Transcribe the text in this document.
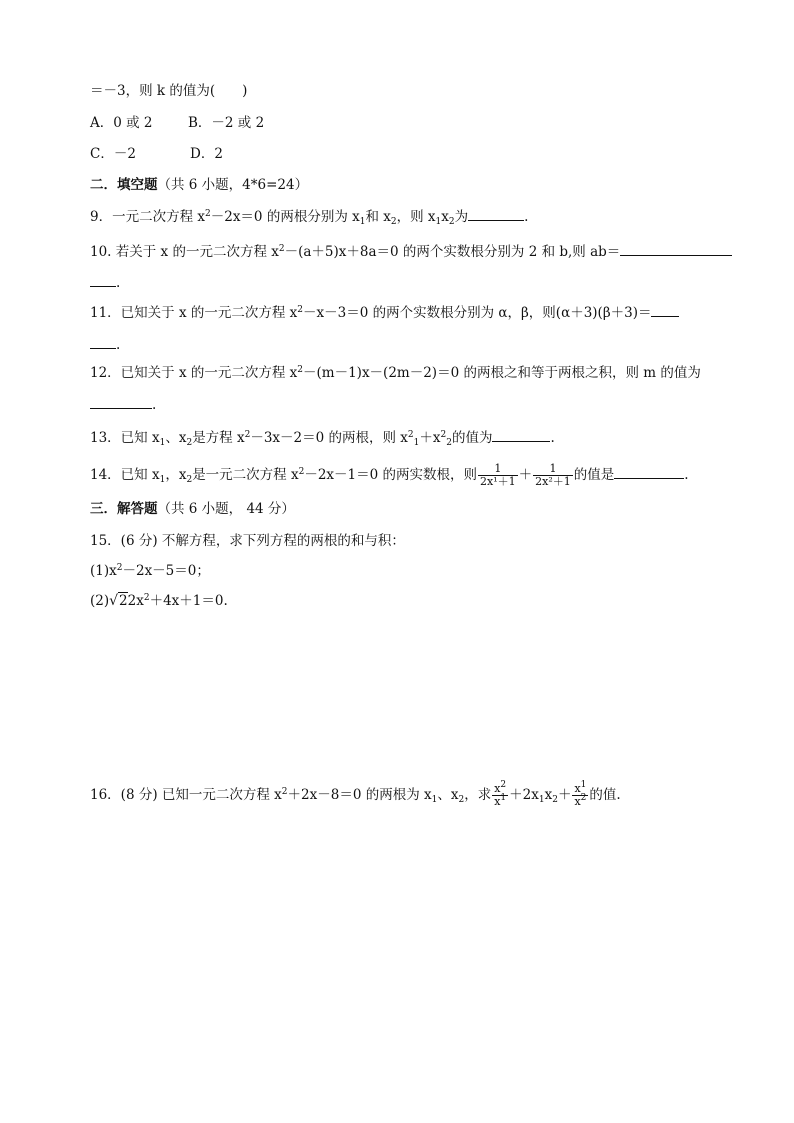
＝－3，则 k 的值为(　　)
A．0 或 2	B．－2 或 2
C．－2	D．2
二．填空题（共 6 小题，4*6=24）
9．一元二次方程 $x^2-2x=0$ 的两根分别为 $x_1$和 $x_2$，则 $x_1x_2$为	.
10. 若关于 x 的一元二次方程 $x^2-(a+5)x+8a=0$ 的两个实数根分别为 2 和 b,则 ab＝
.
11．已知关于 x 的一元二次方程 $x^2-x-3=0$ 的两个实数根分别为 α，β，则(α＋3)(β＋3)＝
.
12．已知关于 x 的一元二次方程 $x^2-(m-1)x-(2m-2)=0$ 的两根之和等于两根之积，则 m 的值为
.
13．已知 $x_1$、$x_2$是方程 $x^2-3x-2=0$ 的两根，则 $x^2_1+x^2_2$的值为	.
14．已知 $x_1$，$x_2$是一元二次方程 $x^2-2x-1=0$ 的两实数根，则 $\frac{1}{\text{2x¹＋1}} + \frac{1}{\text{2x²＋1}}$ 的值是	.
三．解答题（共 6 小题， 44 分）
15．(6 分) 不解方程，求下列方程的两根的和与积：
$(1)x^2-2x-5=0$；
$(2)√22x^2+4x+1=0$.
16．(8 分) 已知一元二次方程 $x^2+2x-8=0$ 的两根为 $x_1$、$x_2$，求 $\frac{x^2}{x^1} +2x_1x_2+ \frac{x^1}{x^2}$ 的值.
